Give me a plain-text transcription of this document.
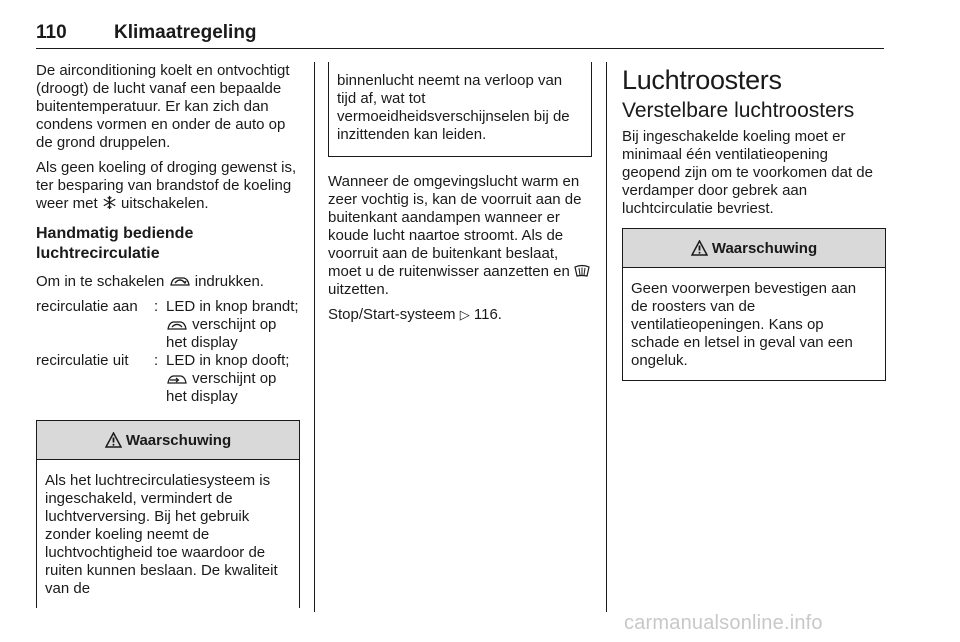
110 Klimaatregeling

De airconditioning koelt en ontvochtigt (droogt) de lucht vanaf een bepaalde buitentemperatuur. Er kan zich dan condens vormen en onder de auto op de grond druppelen.

Als geen koeling of droging gewenst is, ter besparing van brandstof de koeling weer met uitschakelen.

Handmatig bediende luchtrecirculatie

Om in te schakelen indrukken.

recirculatie aan	: LED in knop brandt;  verschijnt op het display
recirculatie uit	: LED in knop dooft;  verschijnt op het display
Waarschuwing
Als het luchtrecirculatiesysteem is ingeschakeld, vermindert de luchtverversing. Bij het gebruik zonder koeling neemt de luchtvochtigheid toe waardoor de ruiten kunnen beslaan. De kwaliteit van de
binnenlucht neemt na verloop van tijd af, wat tot vermoeidheidsverschijnselen bij de inzittenden kan leiden.

Wanneer de omgevingslucht warm en zeer vochtig is, kan de voorruit aan de buitenkant aandampen wanneer er koude lucht naartoe stroomt. Als de voorruit aan de buitenkant beslaat, moet u de ruitenwisser aanzetten en  uitzetten.

Stop/Start-systeem ▷ 116.

Luchtroosters
Verstelbare luchtroosters

Bij ingeschakelde koeling moet er minimaal één ventilatieopening geopend zijn om te voorkomen dat de verdamper door gebrek aan luchtcirculatie bevriest.

Waarschuwing
Geen voorwerpen bevestigen aan de roosters van de ventilatieopeningen. Kans op schade en letsel in geval van een ongeluk.
carmanualsonline.info
